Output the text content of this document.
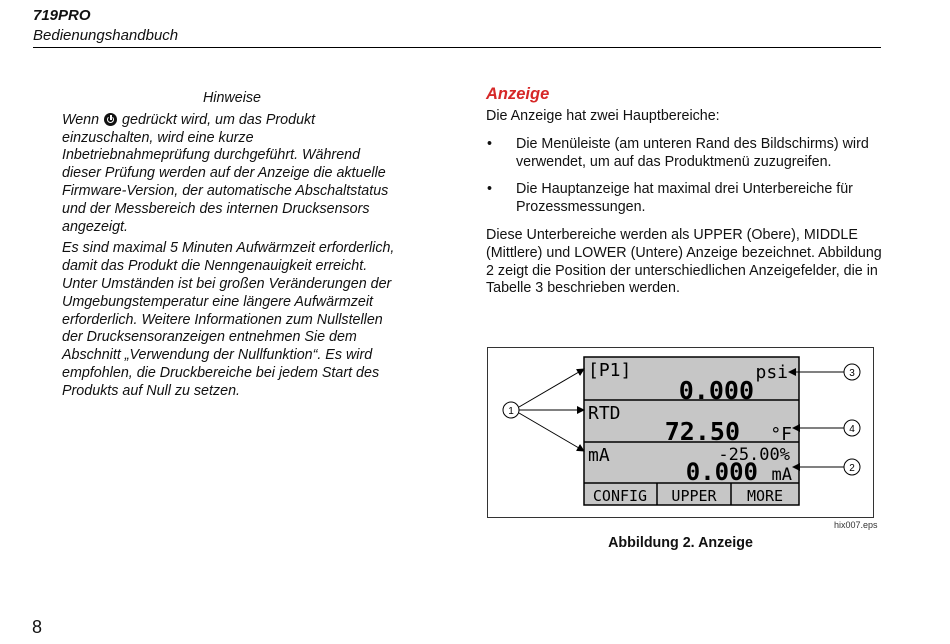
719PRO
Bedienungshandbuch
Hinweise

Wenn  gedrückt wird, um das Produkt einzuschalten, wird eine kurze Inbetriebnahmeprüfung durchgeführt. Während dieser Prüfung werden auf der Anzeige die aktuelle Firmware-Version, der automatische Abschaltstatus und der Messbereich des internen Drucksensors angezeigt.

Es sind maximal 5 Minuten Aufwärmzeit erforderlich, damit das Produkt die Nenngenauigkeit erreicht. Unter Umständen ist bei großen Veränderungen der Umgebungstemperatur eine längere Aufwärmzeit erforderlich. Weitere Informationen zum Nullstellen der Drucksensoranzeigen entnehmen Sie dem Abschnitt „Verwendung der Nullfunktion“. Es wird empfohlen, die Druckbereiche bei jedem Start des Produkts auf Null zu setzen.

Anzeige

Die Anzeige hat zwei Hauptbereiche:

• Die Menüleiste (am unteren Rand des Bildschirms) wird verwendet, um auf das Produktmenü zuzugreifen.
• Die Hauptanzeige hat maximal drei Unterbereiche für Prozessmessungen.

Diese Unterbereiche werden als UPPER (Obere), MIDDLE (Mittlere) und LOWER (Untere) Anzeige bezeichnet. Abbildung 2 zeigt die Position der unterschiedlichen Anzeigefelder, die in Tabelle 3 beschrieben werden.

[P1]	psi
0.000
RTD
72.50 °F
mA	-25.00%
0.000 mA
CONFIG UPPER MORE
1
3
4
2
hix007.eps
Abbildung 2. Anzeige
8
